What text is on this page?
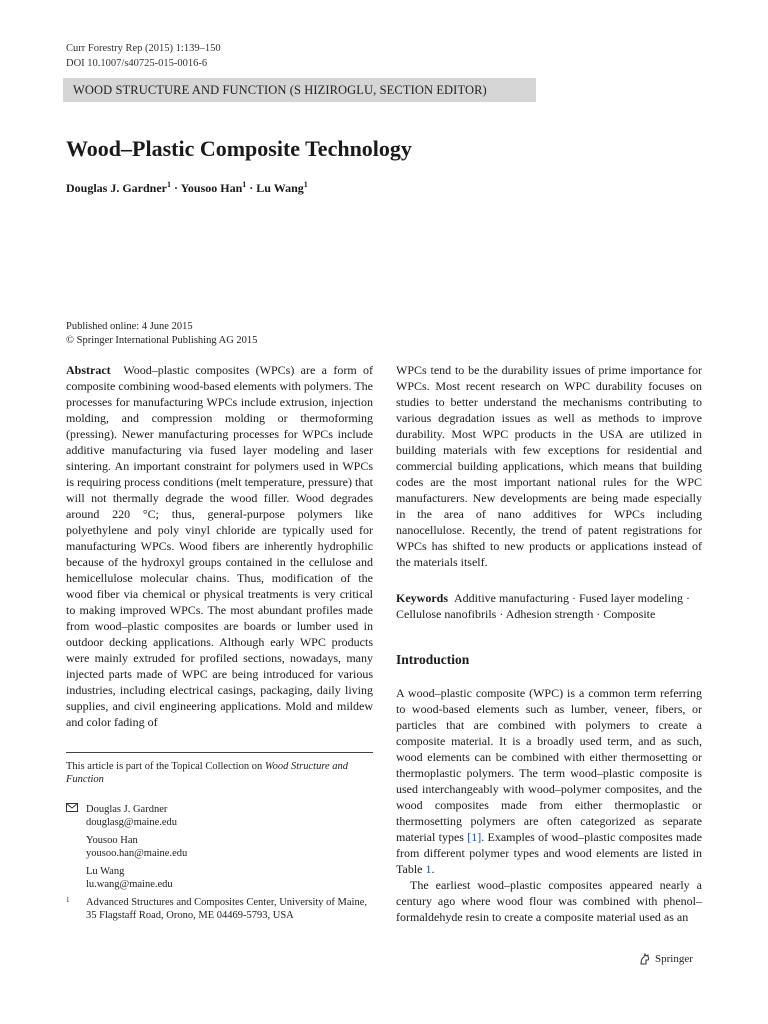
Curr Forestry Rep (2015) 1:139–150
DOI 10.1007/s40725-015-0016-6
WOOD STRUCTURE AND FUNCTION (S HIZIROGLU, SECTION EDITOR)
Wood–Plastic Composite Technology
Douglas J. Gardner$^1$ · Yousoo Han$^1$ · Lu Wang$^1$
Published online: 4 June 2015
© Springer International Publishing AG 2015

Abstract Wood–plastic composites (WPCs) are a form of composite combining wood-based elements with polymers. The processes for manufacturing WPCs include extrusion, injection molding, and compression molding or thermoforming (pressing). Newer manufacturing processes for WPCs include additive manufacturing via fused layer modeling and laser sintering. An important constraint for polymers used in WPCs is requiring process conditions (melt temperature, pressure) that will not thermally degrade the wood filler. Wood degrades around 220 °C; thus, general-purpose polymers like polyethylene and poly vinyl chloride are typically used for manufacturing WPCs. Wood fibers are inherently hydrophilic because of the hydroxyl groups contained in the cellulose and hemicellulose molecular chains. Thus, modification of the wood fiber via chemical or physical treatments is very critical to making improved WPCs. The most abundant profiles made from wood–plastic composites are boards or lumber used in outdoor decking applications. Although early WPC products were mainly extruded for profiled sections, nowadays, many injected parts made of WPC are being introduced for various industries, including electrical casings, packaging, daily living supplies, and civil engineering applications. Mold and mildew and color fading of

WPCs tend to be the durability issues of prime importance for WPCs. Most recent research on WPC durability focuses on studies to better understand the mechanisms contributing to various degradation issues as well as methods to improve durability. Most WPC products in the USA are utilized in building materials with few exceptions for residential and commercial building applications, which means that building codes are the most important national rules for the WPC manufacturers. New developments are being made especially in the area of nano additives for WPCs including nanocellulose. Recently, the trend of patent registrations for WPCs has shifted to new products or applications instead of the materials itself.

Keywords Additive manufacturing · Fused layer modeling · Cellulose nanofibrils · Adhesion strength · Composite
Introduction

A wood–plastic composite (WPC) is a common term referring to wood-based elements such as lumber, veneer, fibers, or particles that are combined with polymers to create a composite material. It is a broadly used term, and as such, wood elements can be combined with either thermosetting or thermoplastic polymers. The term wood–plastic composite is used interchangeably with wood–polymer composites, and the wood composites made from either thermoplastic or thermosetting polymers are often categorized as separate material types [1]. Examples of wood–plastic composites made from different polymer types and wood elements are listed in Table 1.

The earliest wood–plastic composites appeared nearly a century ago where wood flour was combined with phenol–formaldehyde resin to create a composite material used as an

This article is part of the Topical Collection on Wood Structure and Function
Douglas J. Gardner
douglasg@maine.edu
Yousoo Han
yousoo.han@maine.edu
Lu Wang
lu.wang@maine.edu
1 Advanced Structures and Composites Center, University of Maine,
35 Flagstaff Road, Orono, ME 04469-5793, USA
Springer
